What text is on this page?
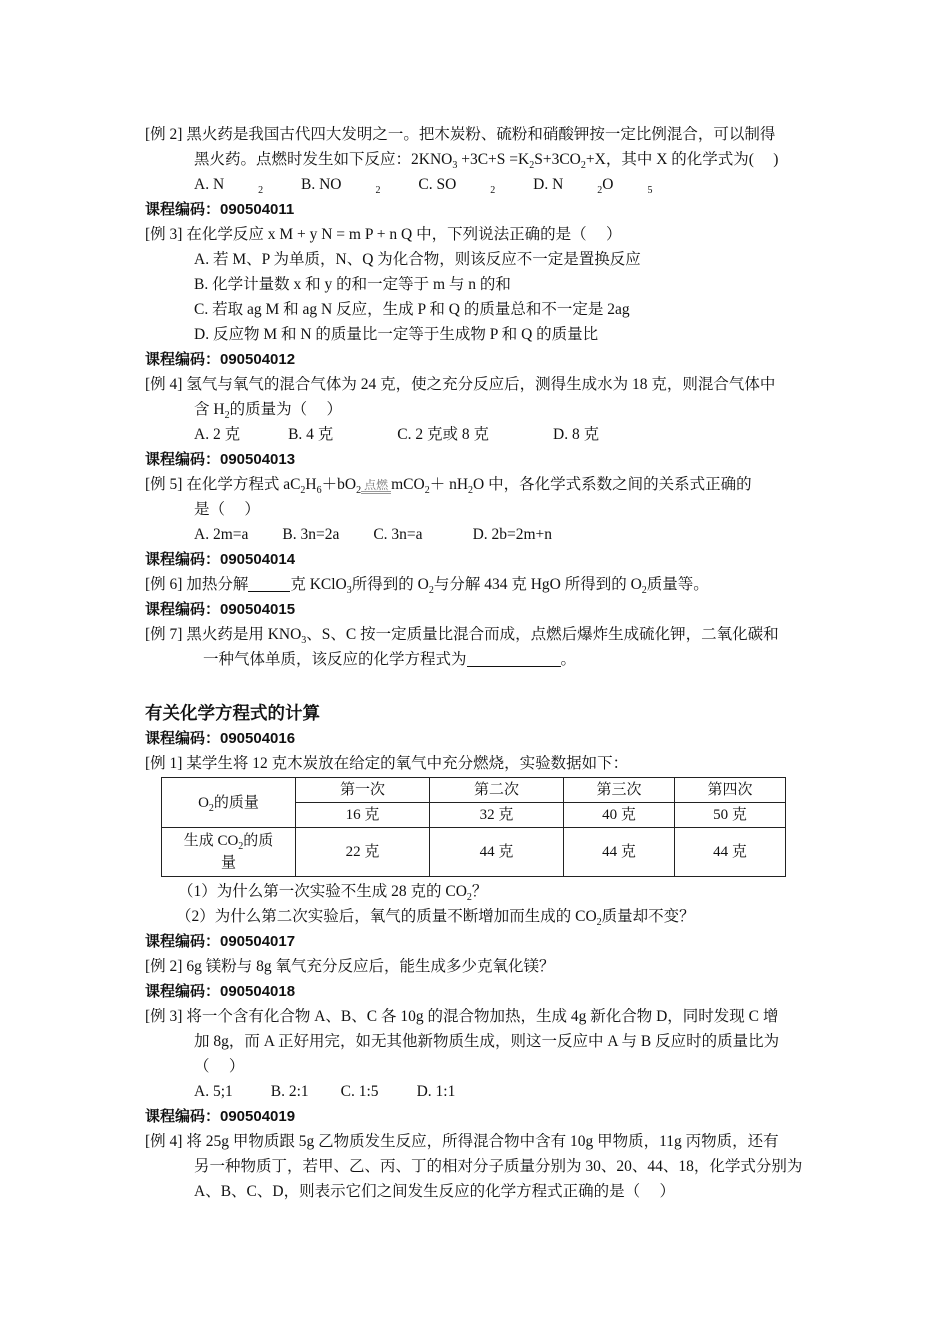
[例 2] 黑火药是我国古代四大发明之一。把木炭粉、硫粉和硝酸钾按一定比例混合，可以制得
黑火药。点燃时发生如下反应：$2KNO_3 +3C+S =K_2S+3CO_2+X$，其中 X 的化学式为(　 )
A. N	$_2$ B. NO	$_2$ C. SO	$_2$ D. N	$_2$O	$_5$
课程编码：090504011
[例 3] 在化学反应 x M + y N = m P + n Q 中，下列说法正确的是（　 ）
A. 若 M、P 为单质，N、Q 为化合物，则该反应不一定是置换反应
B. 化学计量数 x 和 y 的和一定等于 m 与 n 的和
C. 若取 ag M 和 ag N 反应，生成 P 和 Q 的质量总和不一定是 2ag
D. 反应物 M 和 N 的质量比一定等于生成物 P 和 Q 的质量比
课程编码：090504012
[例 4] 氢气与氧气的混合气体为 24 克，使之充分反应后，测得生成水为 18 克，则混合气体中
含 $H_2$的质量为（　 ）
A. 2 克	B. 4 克	C. 2 克或 8 克	D. 8 克
课程编码：090504013
[例 5] 在化学方程式 $aC_2H_6+bO_2$ 点燃 $mCO_2+ nH_2O$ 中，各化学式系数之间的关系式正确的
是（　 ）
A. 2m=a B. 3n=2a C. 3n=a	D. 2b=2m+n
课程编码：090504014
[例 6] 加热分解	克 KClO$_3$所得到的 $O_2$与分解 434 克 HgO 所得到的 $O_2$质量等。
课程编码：090504015
[例 7] 黑火药是用 $KNO_3$、S、C 按一定质量比混合而成，点燃后爆炸生成硫化钾，二氧化碳和
一种气体单质，该反应的化学方程式为	。
有关化学方程式的计算
课程编码：090504016
[例 1] 某学生将 12 克木炭放在给定的氧气中充分燃烧，实验数据如下：
$O_2$的质量	第一次	第二次	第三次	第四次
	16 克	32 克	40 克	50 克
生成 $CO_2$的质
量	22 克	44 克	44 克	44 克
（1）为什么第一次实验不生成 28 克的 $CO_2$？
（2）为什么第二次实验后，氧气的质量不断增加而生成的 $CO_2$质量却不变？
课程编码：090504017
[例 2] 6g 镁粉与 8g 氧气充分反应后，能生成多少克氧化镁？
课程编码：090504018
[例 3] 将一个含有化合物 A、B、C 各 10g 的混合物加热，生成 4g 新化合物 D，同时发现 C 增
加 8g，而 A 正好用完，如无其他新物质生成，则这一反应中 A 与 B 反应时的质量比为
（　 ）
A. 5;1 B. 2:1 C. 1:5 D. 1:1
课程编码：090504019
[例 4] 将 25g 甲物质跟 5g 乙物质发生反应，所得混合物中含有 10g 甲物质，11g 丙物质，还有
另一种物质丁，若甲、乙、丙、丁的相对分子质量分别为 30、20、44、18，化学式分别为
A、B、C、D，则表示它们之间发生反应的化学方程式正确的是（　 ）
